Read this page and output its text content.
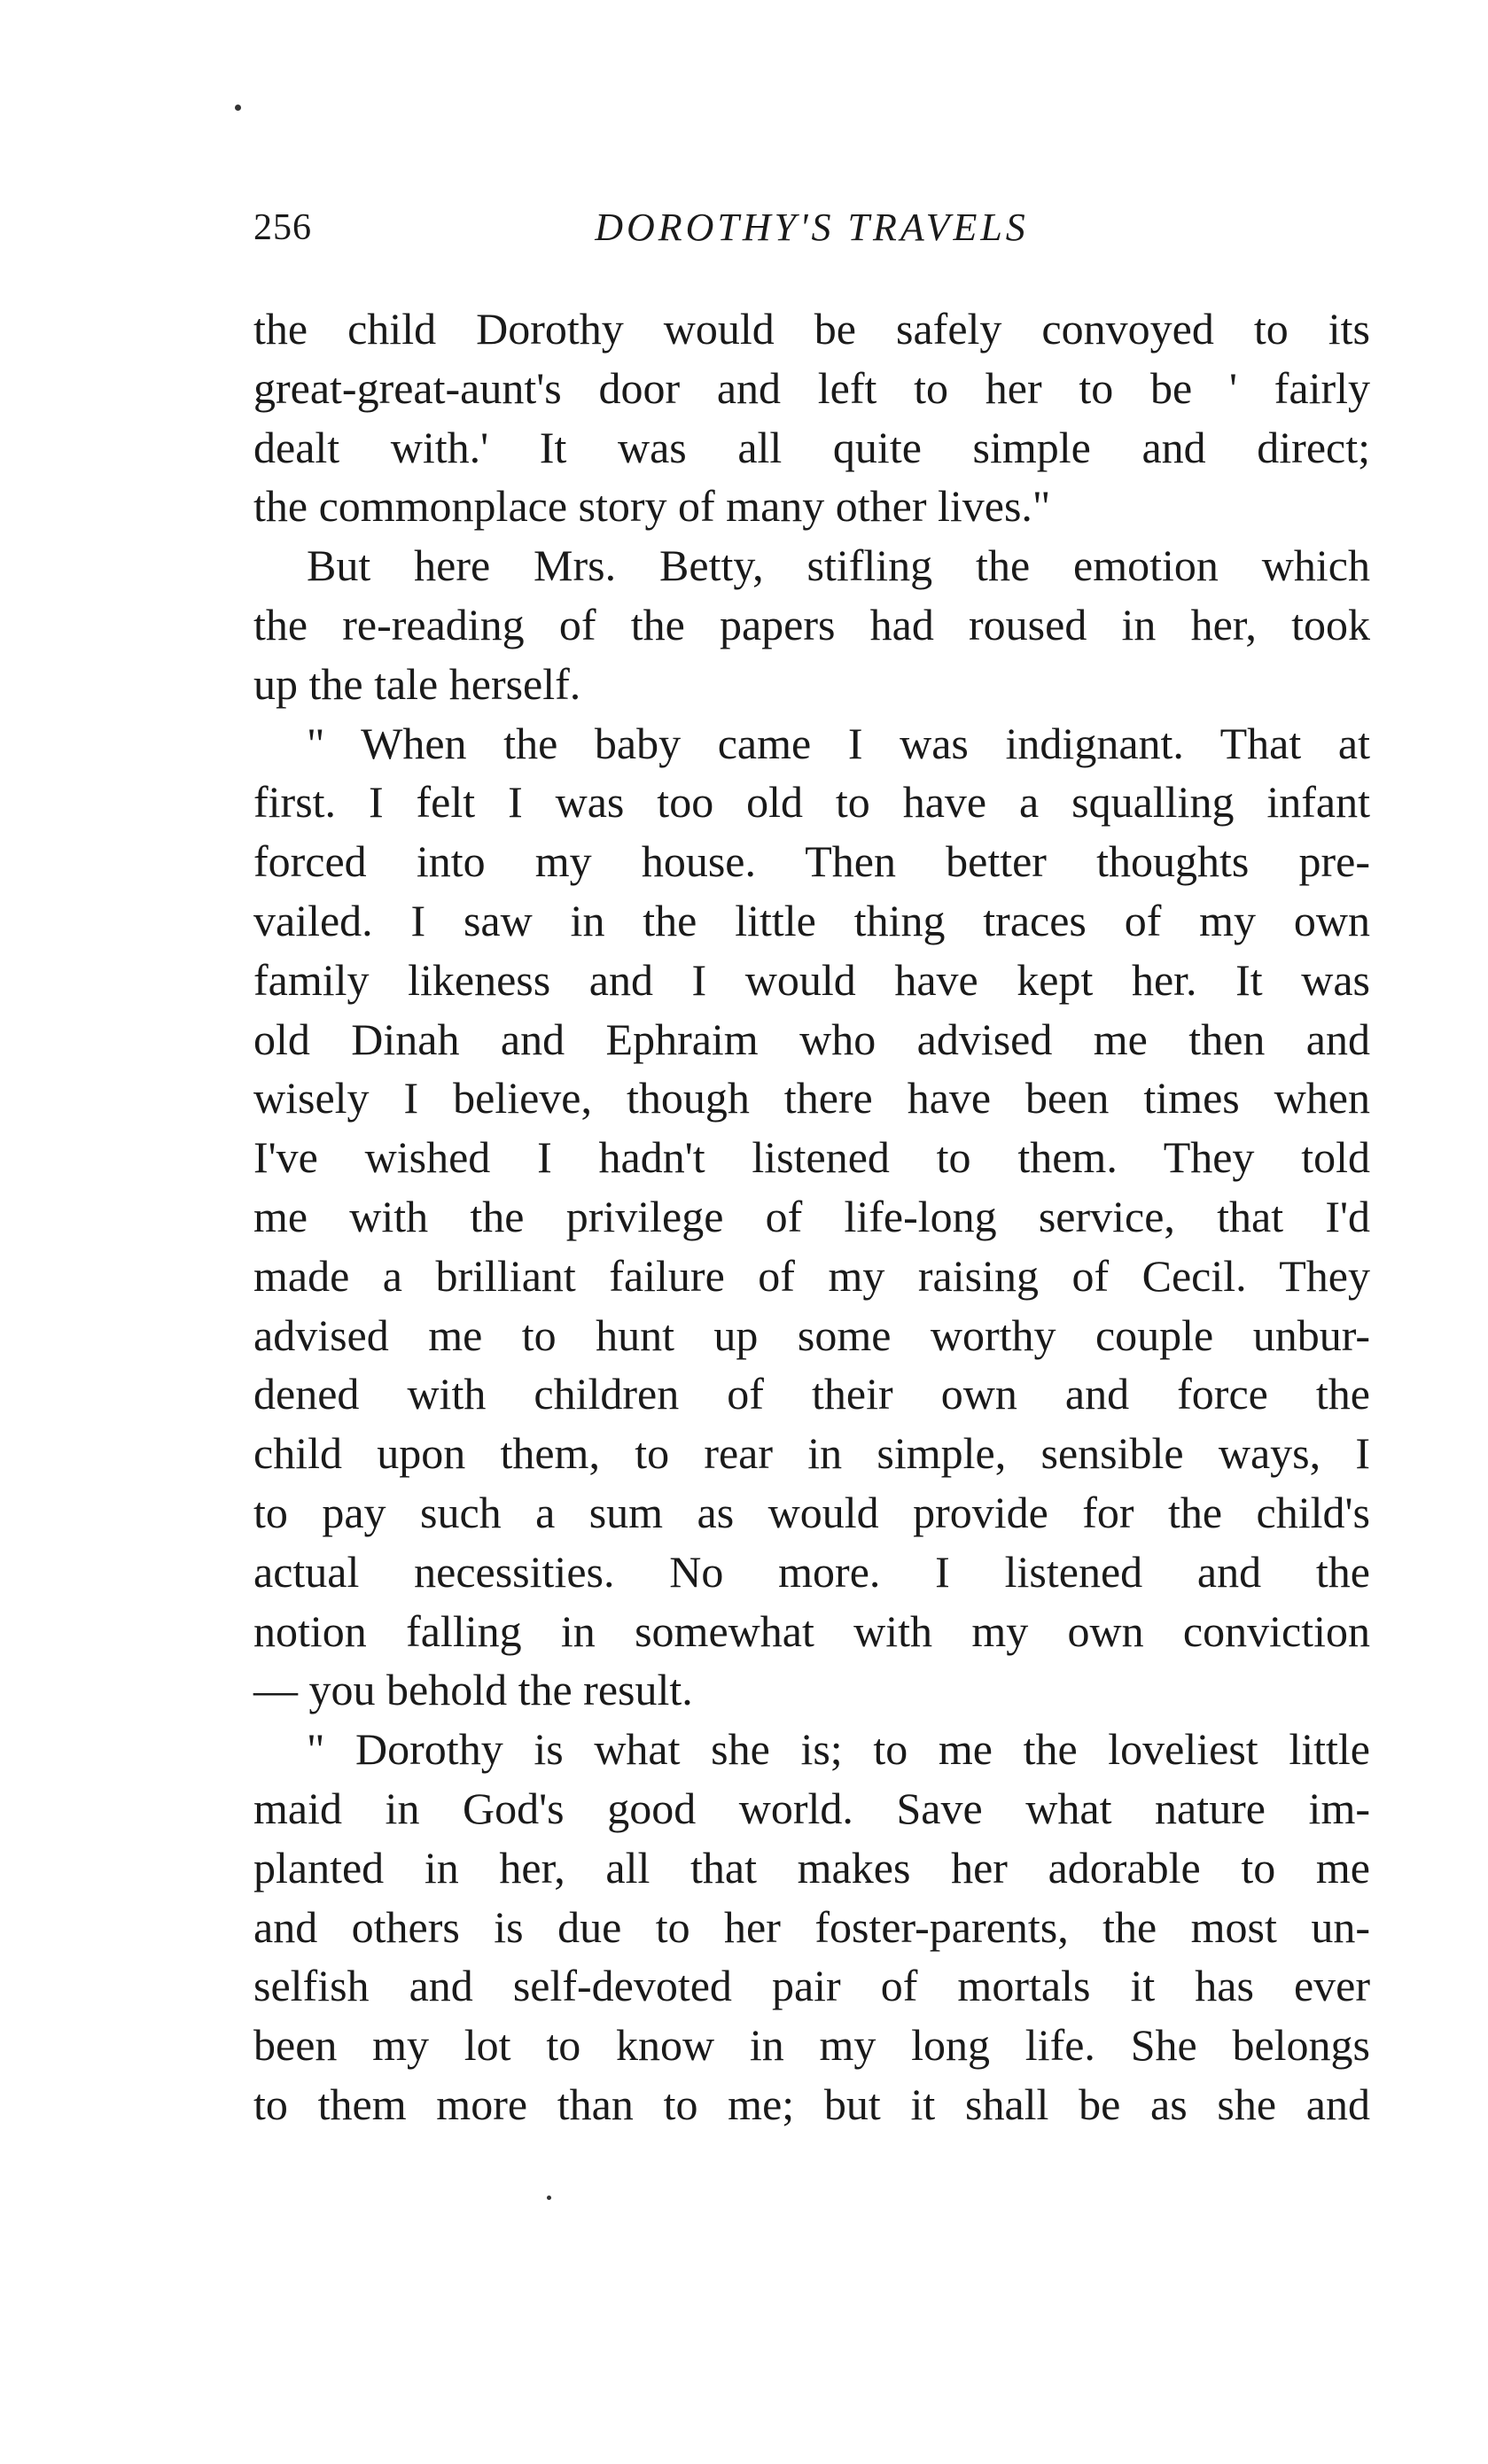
256	DOROTHY'S TRAVELS
the child Dorothy would be safely convoyed to its
great-great-aunt's door and left to her to be ' fairly
dealt with.' It was all quite simple and direct;
the commonplace story of many other lives."
But here Mrs. Betty, stifling the emotion which
the re-reading of the papers had roused in her, took
up the tale herself.
" When the baby came I was indignant. That at
first. I felt I was too old to have a squalling infant
forced into my house. Then better thoughts pre-
vailed. I saw in the little thing traces of my own
family likeness and I would have kept her. It was
old Dinah and Ephraim who advised me then and
wisely I believe, though there have been times when
I've wished I hadn't listened to them. They told
me with the privilege of life-long service, that I'd
made a brilliant failure of my raising of Cecil. They
advised me to hunt up some worthy couple unbur-
dened with children of their own and force the
child upon them, to rear in simple, sensible ways, I
to pay such a sum as would provide for the child's
actual necessities. No more. I listened and the
notion falling in somewhat with my own conviction
— you behold the result.
" Dorothy is what she is; to me the loveliest little
maid in God's good world. Save what nature im-
planted in her, all that makes her adorable to me
and others is due to her foster-parents, the most un-
selfish and self-devoted pair of mortals it has ever
been my lot to know in my long life. She belongs
to them more than to me; but it shall be as she and
